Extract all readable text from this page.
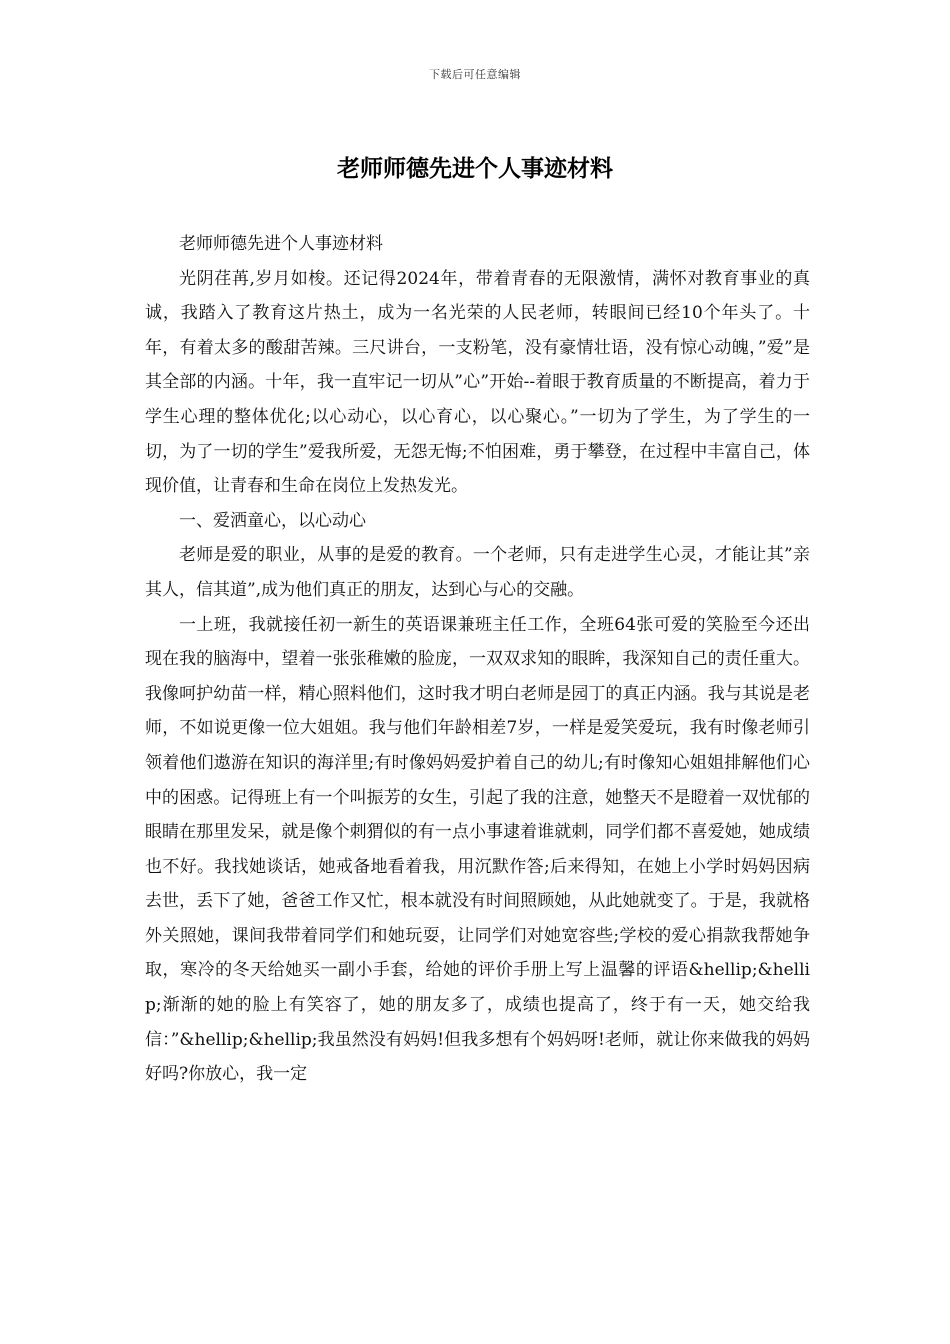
下载后可任意编辑
老师师德先进个人事迹材料

老师师德先进个人事迹材料

光阴荏苒,岁月如梭。还记得2024年，带着青春的无限激情，满怀对教育事业的真诚，我踏入了教育这片热土，成为一名光荣的人民老师，转眼间已经10个年头了。十年，有着太多的酸甜苦辣。三尺讲台，一支粉笔，没有豪情壮语，没有惊心动魄，”爱”是其全部的内涵。十年，我一直牢记一切从”心”开始--着眼于教育质量的不断提高，着力于学生心理的整体优化;以心动心，以心育心，以心聚心。”一切为了学生，为了学生的一切，为了一切的学生”爱我所爱，无怨无悔;不怕困难，勇于攀登，在过程中丰富自己，体现价值，让青春和生命在岗位上发热发光。

一、爱洒童心，以心动心

老师是爱的职业，从事的是爱的教育。一个老师，只有走进学生心灵，才能让其”亲其人，信其道”,成为他们真正的朋友，达到心与心的交融。

一上班，我就接任初一新生的英语课兼班主任工作，全班64张可爱的笑脸至今还出现在我的脑海中，望着一张张稚嫩的脸庞，一双双求知的眼眸，我深知自己的责任重大。我像呵护幼苗一样，精心照料他们，这时我才明白老师是园丁的真正内涵。我与其说是老师，不如说更像一位大姐姐。我与他们年龄相差7岁，一样是爱笑爱玩，我有时像老师引领着他们遨游在知识的海洋里;有时像妈妈爱护着自己的幼儿;有时像知心姐姐排解他们心中的困惑。记得班上有一个叫振芳的女生，引起了我的注意，她整天不是瞪着一双忧郁的眼睛在那里发呆，就是像个刺猬似的有一点小事逮着谁就刺，同学们都不喜爱她，她成绩也不好。我找她谈话，她戒备地看着我，用沉默作答;后来得知，在她上小学时妈妈因病去世，丢下了她，爸爸工作又忙，根本就没有时间照顾她，从此她就变了。于是，我就格外关照她，课间我带着同学们和她玩耍，让同学们对她宽容些;学校的爱心捐款我帮她争取，寒冷的冬天给她买一副小手套，给她的评价手册上写上温馨的评语&hellip;&hellip;渐渐的她的脸上有笑容了，她的朋友多了，成绩也提高了，终于有一天，她交给我信：”&hellip;&hellip;我虽然没有妈妈!但我多想有个妈妈呀!老师，就让你来做我的妈妈好吗?你放心，我一定
